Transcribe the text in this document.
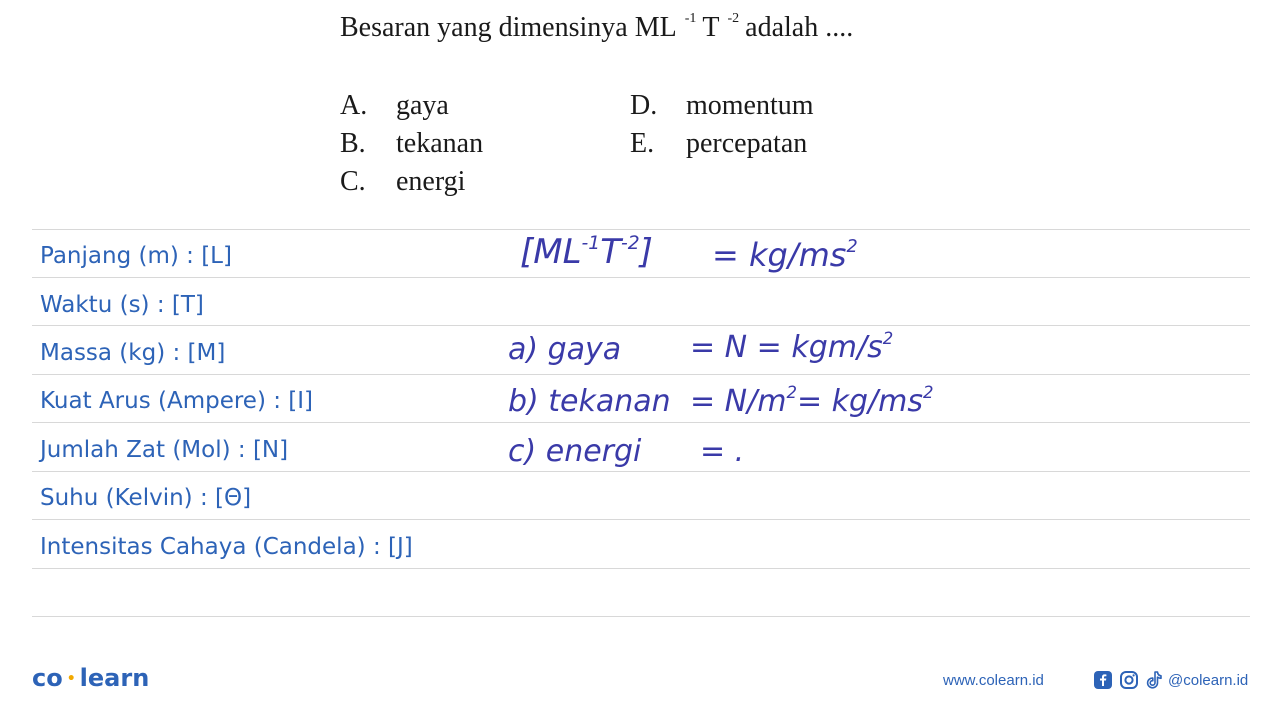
Besaran yang dimensinya ML $^{-1}$ T $^{-2}$ adalah ....
A. gaya
B. tekanan
C. energi
D. momentum
E. percepatan
Panjang (m) : [L]
Waktu (s) : [T]
Massa (kg) : [M]
Kuat Arus (Ampere) : [I]
Jumlah Zat (Mol) : [N]
Suhu (Kelvin) : [Θ]
Intensitas Cahaya (Candela) : [J]
$[ML^{-1}T^{-2}] = kg/ms^2$
a) gaya = N = kgm/$s^2$
b) tekanan = $N/m^2= kg/ms^2$
c) energi = .
co • learn	www.colearn.id	@colearn.id
